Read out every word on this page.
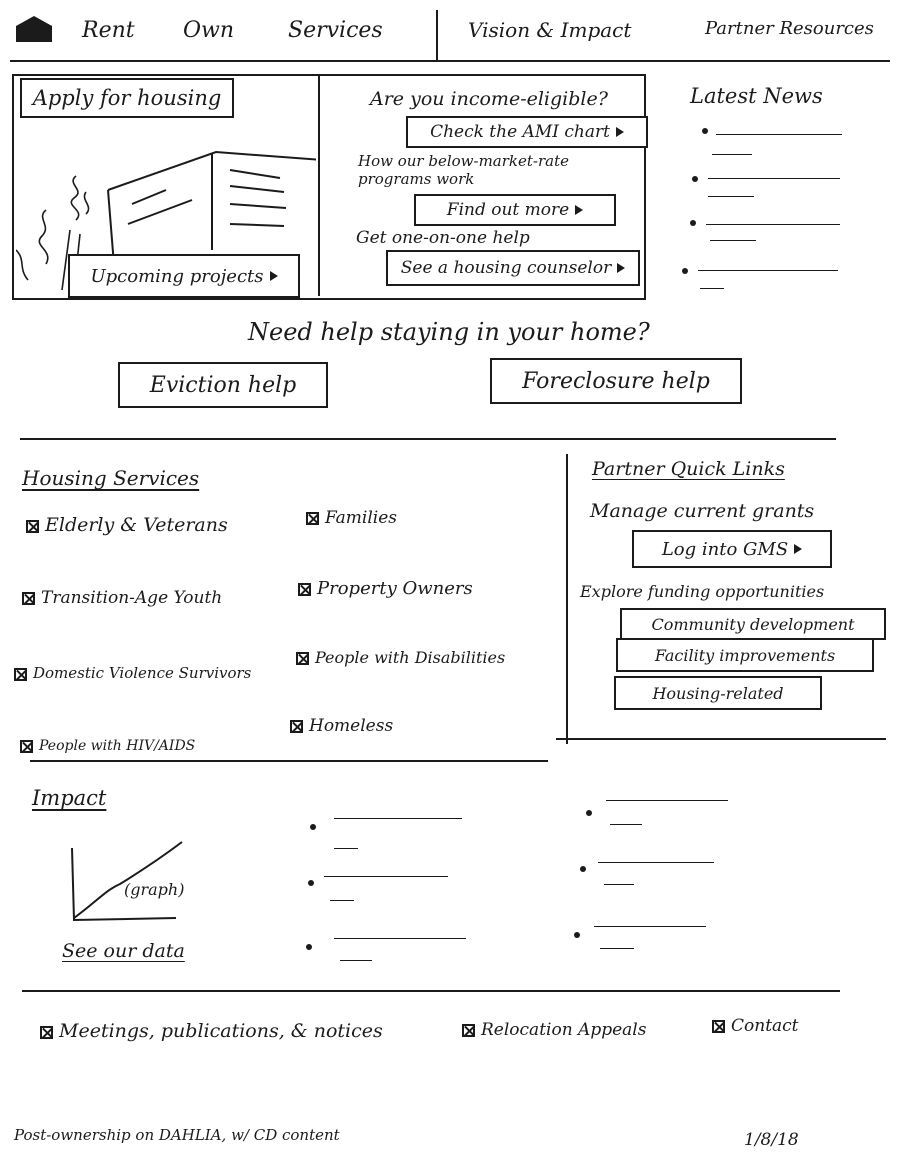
Rent Own Services	Vision & Impact	Partner Resources
Apply for housing
Upcoming projects
Are you income-eligible?
Check the AMI chart
How our below-market-rate programs work
Find out more
Get one-on-one help
See a housing counselor
Latest News
Need help staying in your home?
Eviction help	Foreclosure help
Housing Services
Elderly & Veterans
Transition-Age Youth
Domestic Violence Survivors
People with HIV/AIDS
Families
Property Owners
People with Disabilities
Homeless
Partner Quick Links
Manage current grants
Log into GMS
Explore funding opportunities
Community development
Facility improvements
Housing-related
Impact
(graph)
See our data
Meetings, publications, & notices	Relocation Appeals	Contact
Post-ownership on DAHLIA, w/ CD content	1/8/18
